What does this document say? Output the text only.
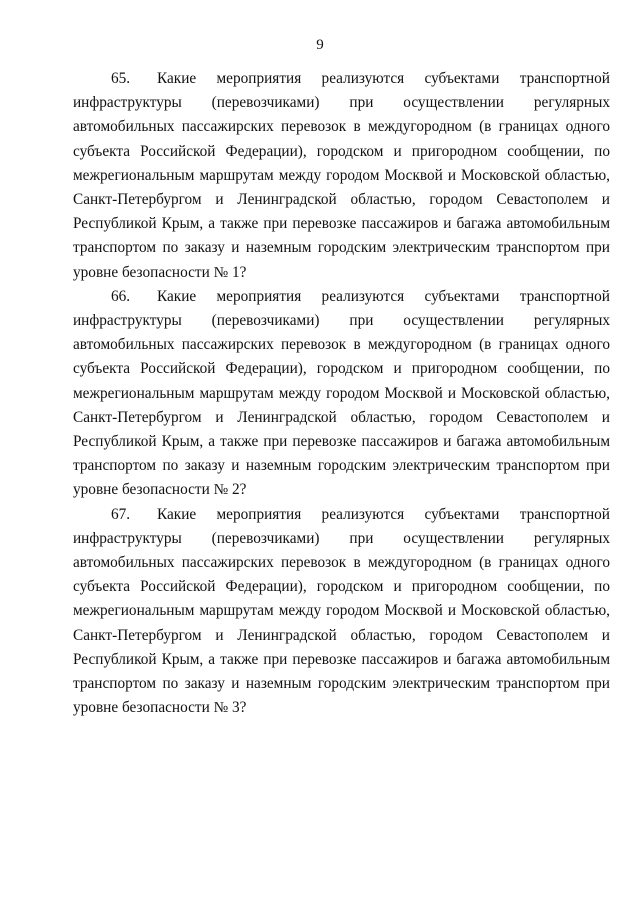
9

65. Какие мероприятия реализуются субъектами транспортной инфраструктуры (перевозчиками) при осуществлении регулярных автомобильных пассажирских перевозок в междугородном (в границах одного субъекта Российской Федерации), городском и пригородном сообщении, по межрегиональным маршрутам между городом Москвой и Московской областью, Санкт-Петербургом и Ленинградской областью, городом Севастополем и Республикой Крым, а также при перевозке пассажиров и багажа автомобильным транспортом по заказу и наземным городским электрическим транспортом при уровне безопасности № 1?

66. Какие мероприятия реализуются субъектами транспортной инфраструктуры (перевозчиками) при осуществлении регулярных автомобильных пассажирских перевозок в междугородном (в границах одного субъекта Российской Федерации), городском и пригородном сообщении, по межрегиональным маршрутам между городом Москвой и Московской областью, Санкт-Петербургом и Ленинградской областью, городом Севастополем и Республикой Крым, а также при перевозке пассажиров и багажа автомобильным транспортом по заказу и наземным городским электрическим транспортом при уровне безопасности № 2?

67. Какие мероприятия реализуются субъектами транспортной инфраструктуры (перевозчиками) при осуществлении регулярных автомобильных пассажирских перевозок в междугородном (в границах одного субъекта Российской Федерации), городском и пригородном сообщении, по межрегиональным маршрутам между городом Москвой и Московской областью, Санкт-Петербургом и Ленинградской областью, городом Севастополем и Республикой Крым, а также при перевозке пассажиров и багажа автомобильным транспортом по заказу и наземным городским электрическим транспортом при уровне безопасности № 3?
